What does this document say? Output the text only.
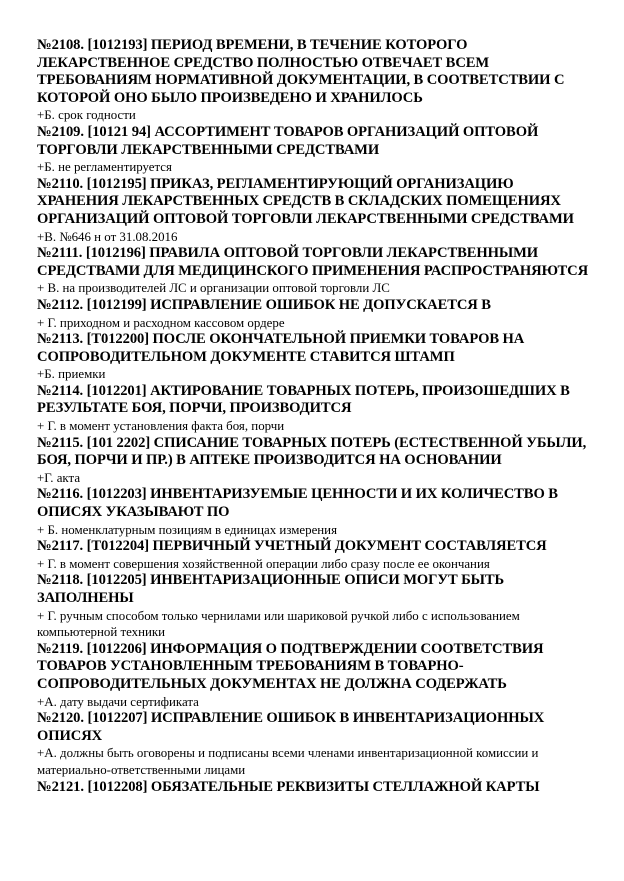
№2108. [1012193] ПЕРИОД ВРЕМЕНИ, В ТЕЧЕНИЕ КОТОРОГО ЛЕКАРСТВЕННОЕ СРЕДСТВО ПОЛНОСТЬЮ ОТВЕЧАЕТ ВСЕМ ТРЕБОВАНИЯМ НОРМАТИВНОЙ ДОКУМЕНТАЦИИ, В СООТВЕТСТВИИ С КОТОРОЙ ОНО БЫЛО ПРОИЗВЕДЕНО И ХРАНИЛОСЬ

+Б. срок годности

№2109. [10121 94] АССОРТИМЕНТ ТОВАРОВ ОРГАНИЗАЦИЙ ОПТОВОЙ ТОРГОВЛИ ЛЕКАРСТВЕННЫМИ СРЕДСТВАМИ

+Б. не регламентируется

№2110. [1012195] ПРИКАЗ, РЕГЛАМЕНТИРУЮЩИЙ ОРГАНИЗАЦИЮ ХРАНЕНИЯ ЛЕКАРСТВЕННЫХ СРЕДСТВ В СКЛАДСКИХ ПОМЕЩЕНИЯХ ОРГАНИЗАЦИЙ ОПТОВОЙ ТОРГОВЛИ ЛЕКАРСТВЕННЫМИ СРЕДСТВАМИ

+В. №646 н от 31.08.2016

№2111. [1012196] ПРАВИЛА ОПТОВОЙ ТОРГОВЛИ ЛЕКАРСТВЕННЫМИ СРЕДСТВАМИ ДЛЯ МЕДИЦИНСКОГО ПРИМЕНЕНИЯ РАСПРОСТРАНЯЮТСЯ

+ В. на производителей ЛС и организации оптовой торговли ЛС

№2112. [1012199] ИСПРАВЛЕНИЕ ОШИБОК НЕ ДОПУСКАЕТСЯ В

+ Г. приходном и расходном кассовом ордере

№2113. [Т012200] ПОСЛЕ ОКОНЧАТЕЛЬНОЙ ПРИЕМКИ ТОВАРОВ НА СОПРОВОДИТЕЛЬНОМ ДОКУМЕНТЕ СТАВИТСЯ ШТАМП

+Б. приемки

№2114. [1012201] АКТИРОВАНИЕ ТОВАРНЫХ ПОТЕРЬ, ПРОИЗОШЕДШИХ В РЕЗУЛЬТАТЕ БОЯ, ПОРЧИ, ПРОИЗВОДИТСЯ

+ Г. в момент установления факта боя, порчи

№2115. [101 2202] СПИСАНИЕ ТОВАРНЫХ ПОТЕРЬ (ЕСТЕСТВЕННОЙ УБЫЛИ, БОЯ, ПОРЧИ И ПР.) В АПТЕКЕ ПРОИЗВОДИТСЯ НА ОСНОВАНИИ

+Г. акта

№2116. [1012203] ИНВЕНТАРИЗУЕМЫЕ ЦЕННОСТИ И ИХ КОЛИЧЕСТВО В ОПИСЯХ УКАЗЫВАЮТ ПО

+ Б. номенклатурным позициям в единицах измерения

№2117. [Т012204] ПЕРВИЧНЫЙ УЧЕТНЫЙ ДОКУМЕНТ СОСТАВЛЯЕТСЯ

+ Г. в момент совершения хозяйственной операции либо сразу после ее окончания

№2118. [1012205] ИНВЕНТАРИЗАЦИОННЫЕ ОПИСИ МОГУТ БЫТЬ ЗАПОЛНЕНЫ

+ Г. ручным способом только чернилами или шариковой ручкой либо с использованием компьютерной техники

№2119. [1012206] ИНФОРМАЦИЯ О ПОДТВЕРЖДЕНИИ СООТВЕТСТВИЯ ТОВАРОВ УСТАНОВЛЕННЫМ ТРЕБОВАНИЯМ В ТОВАРНО-СОПРОВОДИТЕЛЬНЫХ ДОКУМЕНТАХ НЕ ДОЛЖНА СОДЕРЖАТЬ

+А. дату выдачи сертификата

№2120. [1012207] ИСПРАВЛЕНИЕ ОШИБОК В ИНВЕНТАРИЗАЦИОННЫХ ОПИСЯХ

+А. должны быть оговорены и подписаны всеми членами инвентаризационной комиссии и материально-ответственными лицами

№2121. [1012208] ОБЯЗАТЕЛЬНЫЕ РЕКВИЗИТЫ СТЕЛЛАЖНОЙ КАРТЫ
